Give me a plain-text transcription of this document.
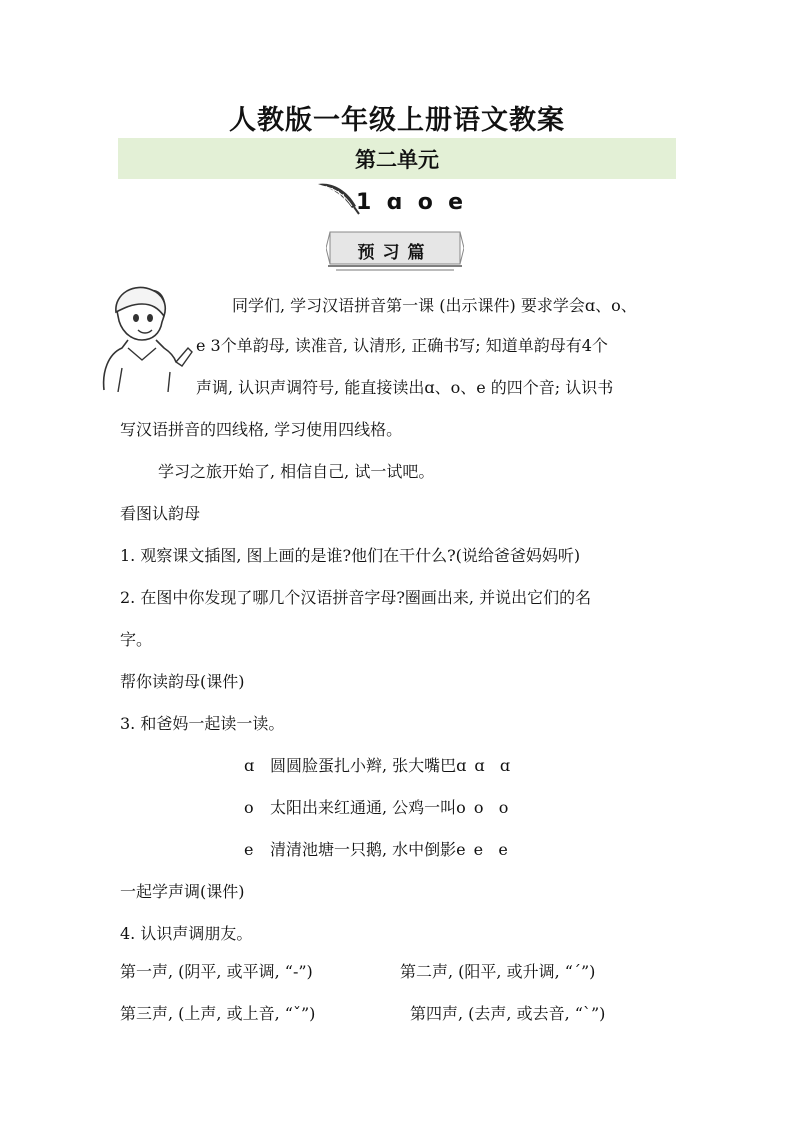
人教版一年级上册语文教案
第二单元
1  ɑ  o  e
预习篇
同学们, 学习汉语拼音第一课 (出示课件) 要求学会ɑ、o、
e 3个单韵母, 读准音, 认清形, 正确书写; 知道单韵母有4个
声调, 认识声调符号, 能直接读出ɑ、o、e 的四个音; 认识书
写汉语拼音的四线格, 学习使用四线格。
学习之旅开始了, 相信自己, 试一试吧。
看图认韵母
1. 观察课文插图, 图上画的是谁?他们在干什么?(说给爸爸妈妈听)
2. 在图中你发现了哪几个汉语拼音字母?圈画出来, 并说出它们的名
字。
帮你读韵母(课件)
3. 和爸妈一起读一读。
ɑ 圆圆脸蛋扎小辫, 张大嘴巴ɑ ɑ   ɑ
o 太阳出来红通通, 公鸡一叫o o   o
e 清清池塘一只鹅, 水中倒影e e   e
一起学声调(课件)
4. 认识声调朋友。
第一声, (阴平, 或平调, “-”)	第二声, (阳平, 或升调, “ˊ”)
第三声, (上声, 或上音, “ˇ”)	第四声, (去声, 或去音, “ˋ”)
